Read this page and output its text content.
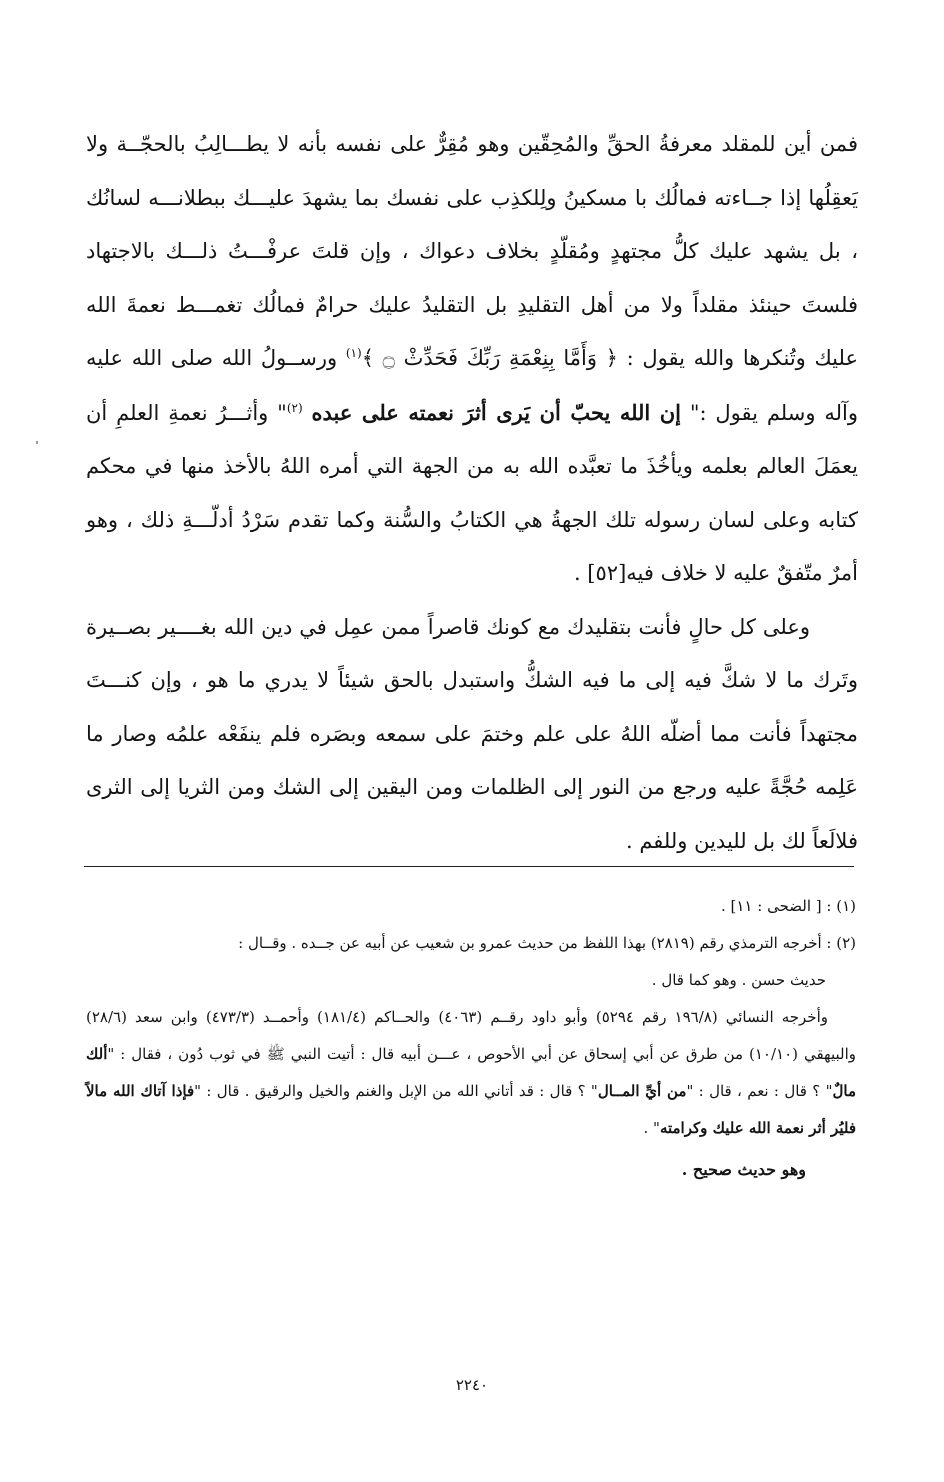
فمن أين للمقلد معرفةُ الحقِّ والمُحِقّين وهو مُقِرٌّ على نفسه بأنه لا يطـــالِبُ بالحجّــة ولا يَعقِلُها إذا جــاءته فمالُك با مسكينُ ولِلكذِب على نفسك بما يشهدَ عليـــك ببطلانـــه لسانُك ، بل يشهد عليك كلُّ مجتهدٍ ومُقلّدٍ بخلاف دعواك ، وإن قلتَ عرفْـــتُ ذلـــك بالاجتهاد فلستَ حينئذ مقلداً ولا من أهل التقليدِ بل التقليدُ عليك حرامٌ فمالُك تغمـــط نعمةَ الله عليك وتُنكرها والله يقول : ﴿ وَأَمَّا بِنِعْمَةِ رَبِّكَ فَحَدِّثْ ۝ ﴾$^{(١)}$ ورســولُ الله صلى الله عليه وآله وسلم يقول :" إن الله يحبّ أن يَرى أثرَ نعمته على عبده $^{(٢)}$" وأثـــرُ نعمةِ العلمِ أن يعمَلَ العالم بعلمه ويأخُذَ ما تعبَّده الله به من الجهة التي أمره اللهُ بالأخذ منها في محكم كتابه وعلى لسان رسوله تلك الجهةُ هي الكتابُ والسُّنة وكما تقدم سَرْدُ أدلّـــةِ ذلك ، وهو أمرٌ متّفقٌ عليه لا خلاف فيه[٥٢] .

وعلى كل حالٍ فأنت بتقليدك مع كونك قاصراً ممن عمِل في دين الله بغــــير بصــيرة وتَرك ما لا شكَّ فيه إلى ما فيه الشكُّ واستبدل بالحق شيئاً لا يدري ما هو ، وإن كنـــتَ مجتهداً فأنت مما أضلّه اللهُ على علم وختمَ على سمعه وبصَره فلم ينفَعْه علمُه وصار ما عَلِمه حُجَّةً عليه ورجع من النور إلى الظلمات ومن اليقين إلى الشك ومن الثريا إلى الثرى فلالَعاً لك بل لليدين وللفم .

(١) : [ الضحى : ١١] .

(٢) : أخرجه الترمذي رقم (٢٨١٩) بهذا اللفظ من حديث عمرو بن شعيب عن أبيه عن جــده . وقــال :

حديث حسن . وهو كما قال .

وأخرجه النسائي (١٩٦/٨ رقم ٥٢٩٤) وأبو داود رقــم (٤٠٦٣) والحــاكم (١٨١/٤) وأحمــد (٤٧٣/٣) وابن سعد (٢٨/٦) والبيهقي (١٠/١٠) من طرق عن أبي إسحاق عن أبي الأحوص ، عـــن أبيه قال : أتيت النبي ﷺ في ثوب دُون ، فقال : "ألك مالٌ" ؟ قال : نعم ، قال : "من أيِّ المــال" ؟ قال : قد أتاني الله من الإبل والغنم والخيل والرقيق . قال : "فإذا آتاك الله مالاً فليُر أثر نعمة الله عليك وكرامته" .

وهو حديث صحيح .

٢٢٤٠
